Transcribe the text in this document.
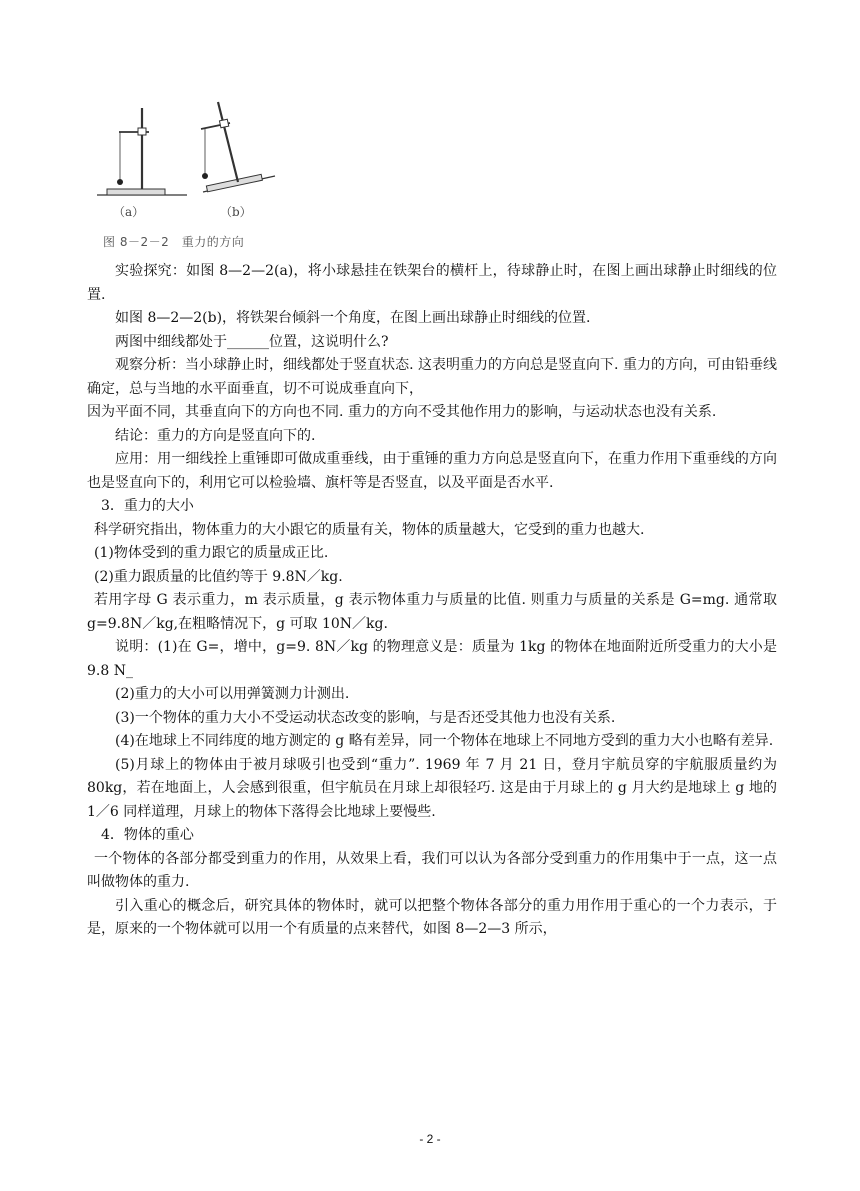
（a）	（b）
图 8－2－2　重力的方向

实验探究：如图 8—2—2(a)，将小球悬挂在铁架台的横杆上，待球静止时，在图上画出球静止时细线的位置.

如图 8—2—2(b)，将铁架台倾斜一个角度，在图上画出球静止时细线的位置.

两图中细线都处于______位置，这说明什么?

观察分析：当小球静止时，细线都处于竖直状态. 这表明重力的方向总是竖直向下. 重力的方向，可由铅垂线确定，总与当地的水平面垂直，切不可说成垂直向下，

因为平面不同，其垂直向下的方向也不同. 重力的方向不受其他作用力的影响，与运动状态也没有关系.

结论：重力的方向是竖直向下的.

应用：用一细线拴上重锤即可做成重垂线，由于重锤的重力方向总是竖直向下，在重力作用下重垂线的方向也是竖直向下的，利用它可以检验墙、旗杆等是否竖直，以及平面是否水平.

3．重力的大小

科学研究指出，物体重力的大小跟它的质量有关，物体的质量越大，它受到的重力也越大.

(1)物体受到的重力跟它的质量成正比.

(2)重力跟质量的比值约等于 9.8N／kg.

若用字母 G 表示重力，m 表示质量，g 表示物体重力与质量的比值. 则重力与质量的关系是 G=mg. 通常取 g=9.8N／kg,在粗略情况下，g 可取 10N／kg.

说明：(1)在 G=，增中，g=9. 8N／kg 的物理意义是：质量为 1kg 的物体在地面附近所受重力的大小是 9.8 N_

(2)重力的大小可以用弹簧测力计测出.

(3)一个物体的重力大小不受运动状态改变的影响，与是否还受其他力也没有关系.

(4)在地球上不同纬度的地方测定的 g 略有差异，同一个物体在地球上不同地方受到的重力大小也略有差异.

(5)月球上的物体由于被月球吸引也受到“重力”. 1969 年 7 月 21 日，登月宇航员穿的宇航服质量约为 80kg，若在地面上，人会感到很重，但宇航员在月球上却很轻巧. 这是由于月球上的 g 月大约是地球上 g 地的 1／6 同样道理，月球上的物体下落得会比地球上要慢些.

4．物体的重心

一个物体的各部分都受到重力的作用，从效果上看，我们可以认为各部分受到重力的作用集中于一点，这一点叫做物体的重力.

引入重心的概念后，研究具体的物体时，就可以把整个物体各部分的重力用作用于重心的一个力表示，于是，原来的一个物体就可以用一个有质量的点来替代，如图 8—2—3 所示，

- 2 -
